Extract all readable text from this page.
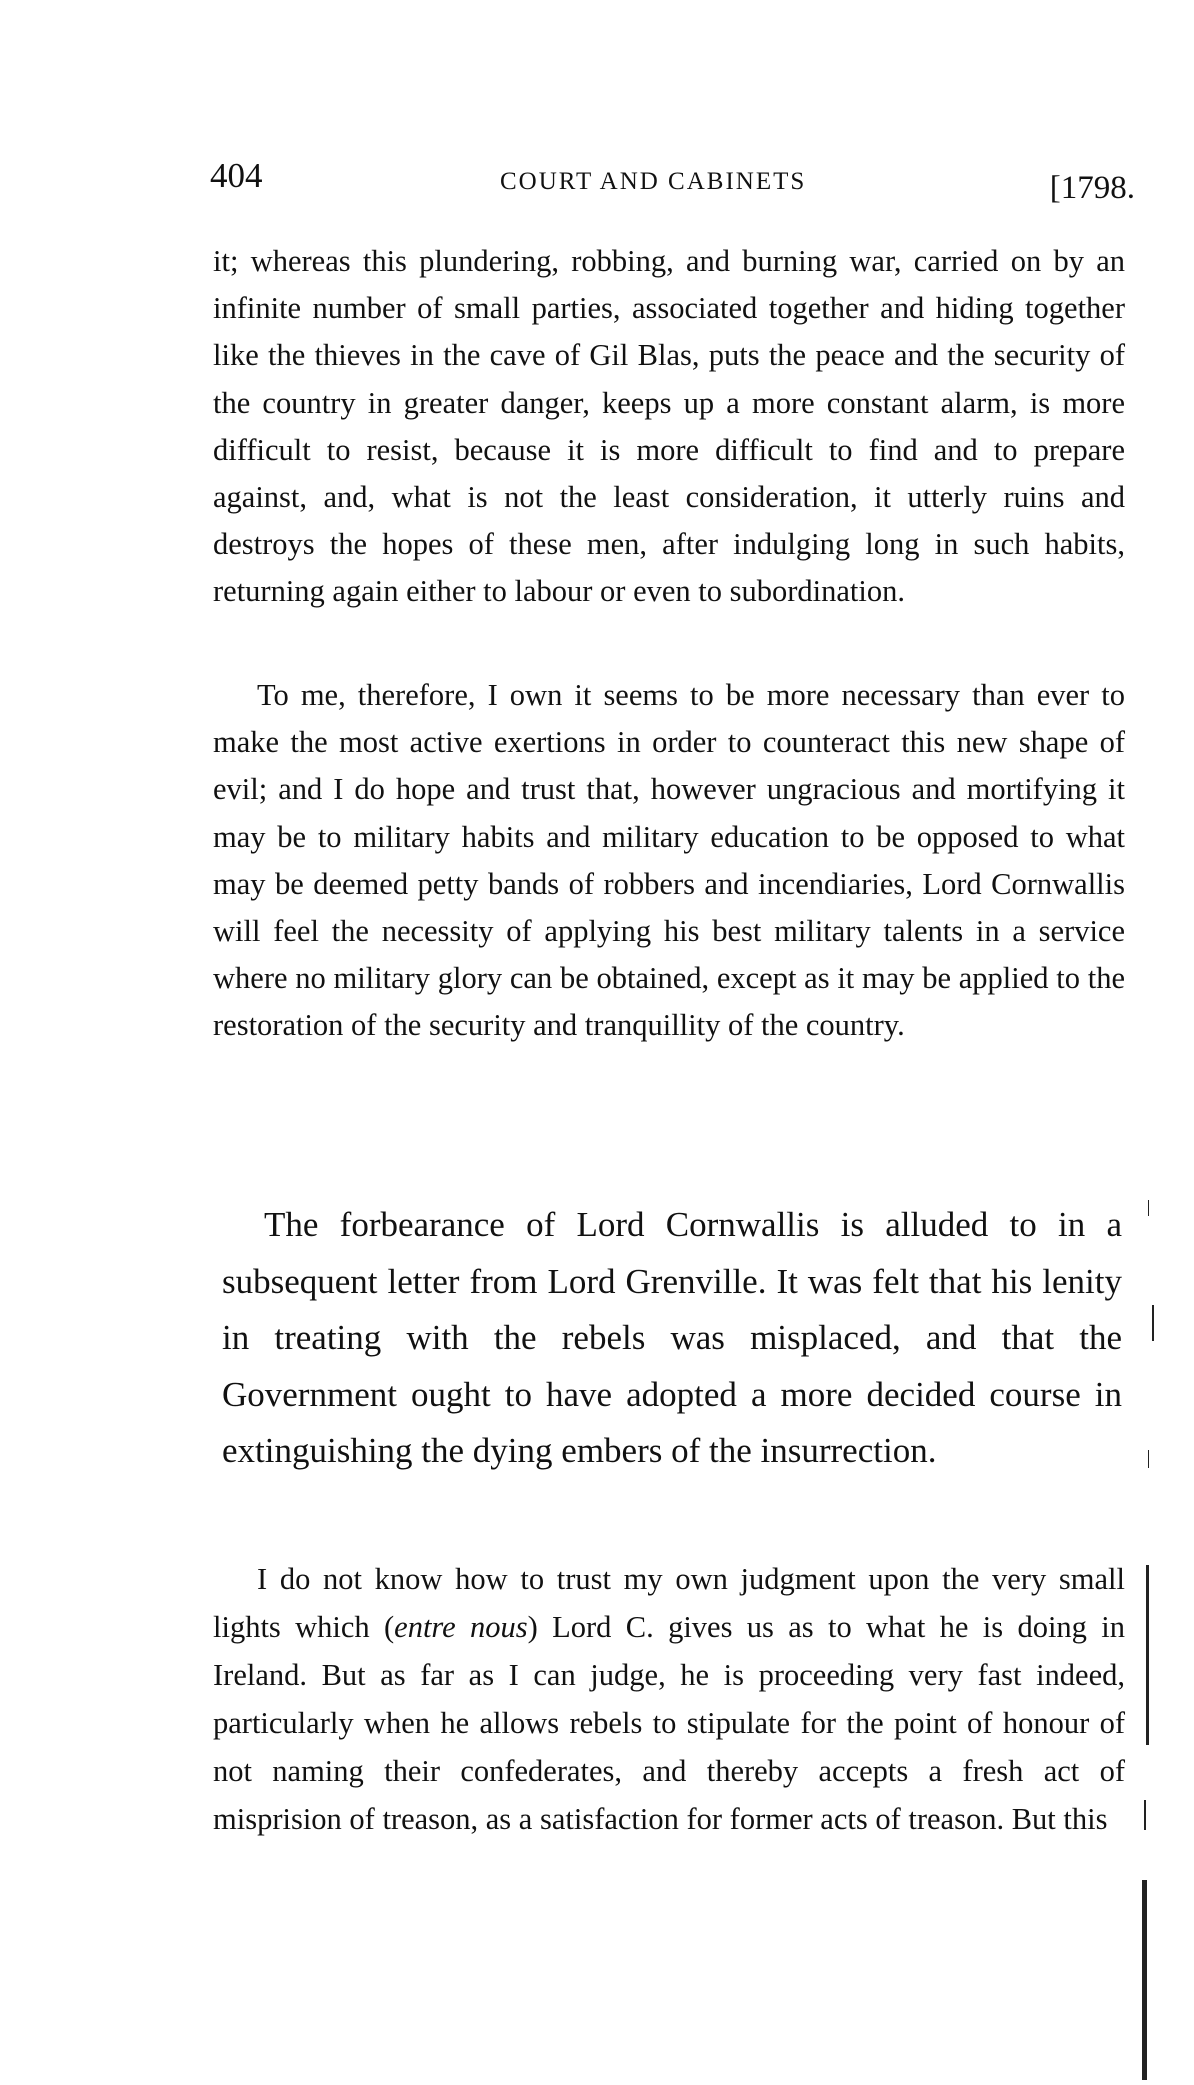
404	COURT AND CABINETS	[1798.

it; whereas this plundering, robbing, and burning war, carried on by an infinite number of small parties, associated together and hiding together like the thieves in the cave of Gil Blas, puts the peace and the security of the country in greater danger, keeps up a more constant alarm, is more difficult to resist, because it is more difficult to find and to prepare against, and, what is not the least consideration, it utterly ruins and destroys the hopes of these men, after indulging long in such habits, returning again either to labour or even to subordination.

To me, therefore, I own it seems to be more necessary than ever to make the most active exertions in order to counteract this new shape of evil; and I do hope and trust that, however ungracious and mortifying it may be to military habits and military education to be opposed to what may be deemed petty bands of robbers and incendiaries, Lord Cornwallis will feel the necessity of applying his best military talents in a service where no military glory can be obtained, except as it may be applied to the restoration of the security and tranquillity of the country.

The forbearance of Lord Cornwallis is alluded to in a subsequent letter from Lord Grenville. It was felt that his lenity in treating with the rebels was misplaced, and that the Government ought to have adopted a more decided course in extinguishing the dying embers of the insurrection.

I do not know how to trust my own judgment upon the very small lights which (entre nous) Lord C. gives us as to what he is doing in Ireland. But as far as I can judge, he is proceeding very fast indeed, particularly when he allows rebels to stipulate for the point of honour of not naming their confederates, and thereby accepts a fresh act of misprision of treason, as a satisfaction for former acts of treason. But this
